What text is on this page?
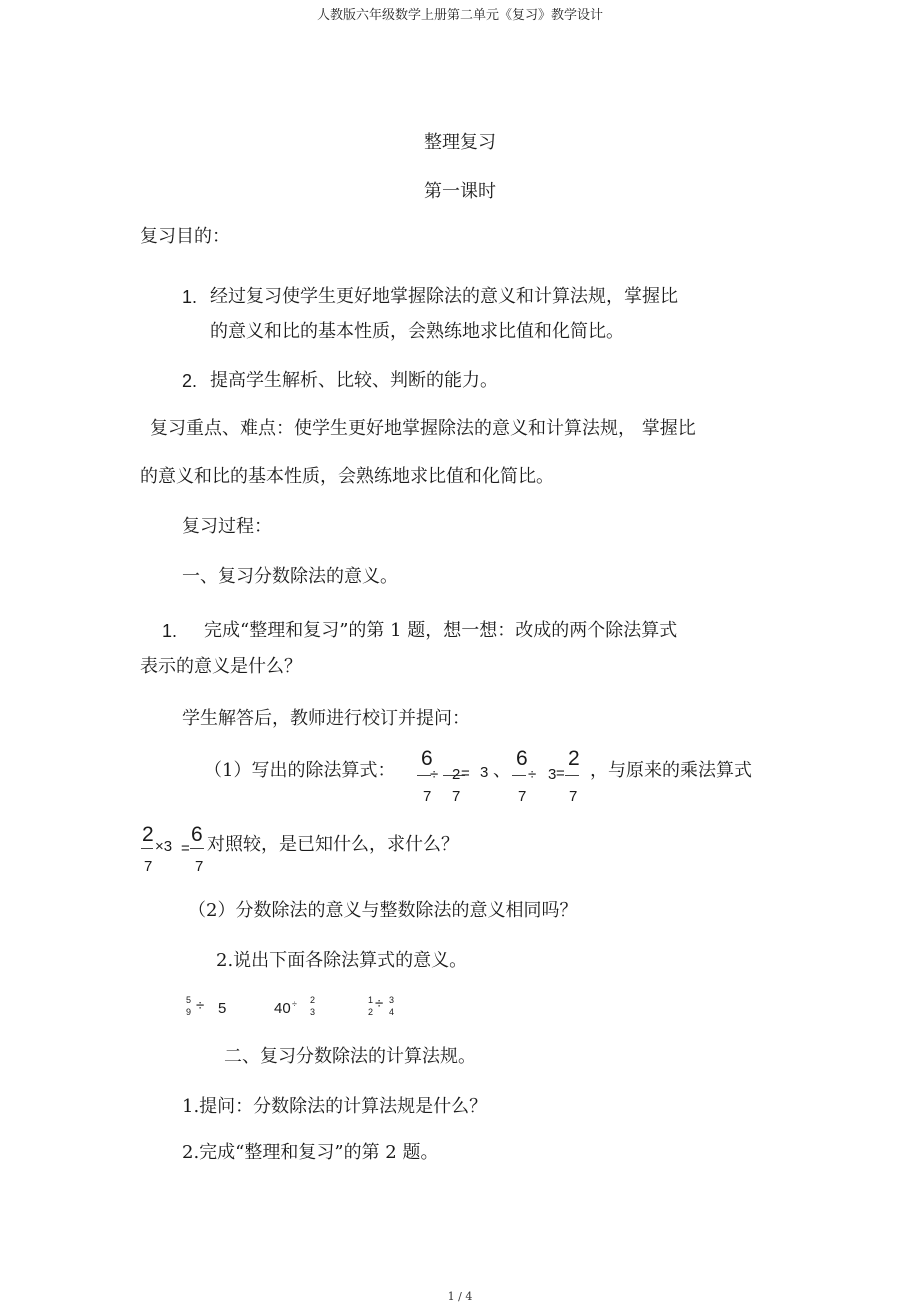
人教版六年级数学上册第二单元《复习》教学设计
整理复习
第一课时
复习目的：
1. 经过复习使学生更好地掌握除法的意义和计算法规，掌握比
的意义和比的基本性质，会熟练地求比值和化简比。
2. 提高学生解析、比较、判断的能力。
复习重点、难点：使学生更好地掌握除法的意义和计算法规， 掌握比
的意义和比的基本性质，会熟练地求比值和化简比。
复习过程：
一、复习分数除法的意义。
1. 完成“整理和复习”的第 1 题，想一想：改成的两个除法算式
表示的意义是什么？
学生解答后，教师进行校订并提问：
（1）写出的除法算式：
6
7
÷ 2 =
7
3 、
6
7
÷ 3 =
2
7
，与原来的乘法算式
2
7
×3 =
6
7
对照较，是已知什么，求什么？
（2）分数除法的意义与整数除法的意义相同吗？
2.说出下面各除法算式的意义。
5
9 ÷ 5	40 ÷ 2
3
1
2 ÷ 3
4
二、复习分数除法的计算法规。
1.提问：分数除法的计算法规是什么？
2.完成“整理和复习”的第 2 题。
1 / 4
